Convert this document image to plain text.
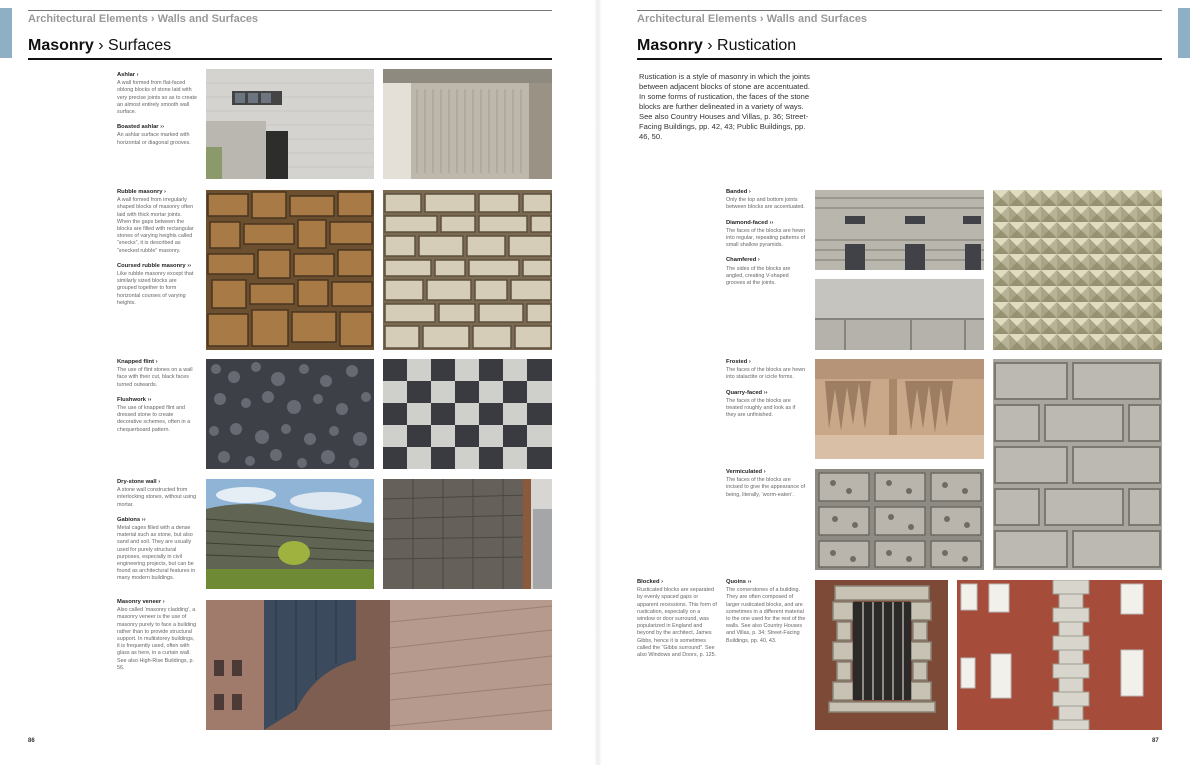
Architectural Elements › Walls and Surfaces
Masonry › Surfaces
Architectural Elements › Walls and Surfaces
Masonry › Rustication
Rustication is a style of masonry in which the joints between adjacent blocks of stone are accentuated. In some forms of rustication, the faces of the stone blocks are further delineated in a variety of ways. See also Country Houses and Villas, p. 36; Street-Facing Buildings, pp. 42, 43; Public Buildings, pp. 46, 50.
Ashlar ›
A wall formed from flat-faced oblong blocks of stone laid with very precise joints so as to create an almost entirely smooth wall surface.
Boasted ashlar ››
An ashlar surface marked with horizontal or diagonal grooves.
Rubble masonry ›
A wall formed from irregularly shaped blocks of masonry often laid with thick mortar joints. When the gaps between the blocks are filled with rectangular stones of varying heights called “snecks”, it is described as “snecked rubble” masonry.
Coursed rubble masonry ››
Like rubble masonry except that similarly sized blocks are grouped together to form horizontal courses of varying heights.
Knapped flint ›
The use of flint stones on a wall face with their cut, black faces turned outwards.
Flushwork ››
The use of knapped flint and dressed stone to create decorative schemes, often in a chequerboard pattern.
Dry-stone wall ›
A stone wall constructed from interlocking stones, without using mortar.
Gabions ››
Metal cages filled with a dense material such as stone, but also sand and soil. They are usually used for purely structural purposes, especially in civil engineering projects, but can be found as architectural features in many modern buildings.
Masonry veneer ›
Also called ‘masonry cladding’, a masonry veneer is the use of masonry purely to face a building rather than to provide structural support. In multistorey buildings, it is frequently used, often with glass as here, in a curtain wall. See also High-Rise Buildings, p. 56.
Banded ›
Only the top and bottom joints between blocks are accentuated.
Diamond-faced ››
The faces of the blocks are hewn into regular, repeating patterns of small shallow pyramids.
Chamfered ›
The sides of the blocks are angled, creating V-shaped grooves at the joints.
Frosted ›
The faces of the blocks are hewn into stalactite or icicle forms.
Quarry-faced ››
The faces of the blocks are treated roughly and look as if they are unfinished.
Vermiculated ›
The faces of the blocks are incised to give the appearance of being, literally, ‘worm-eaten’.
Blocked ›
Rusticated blocks are separated by evenly spaced gaps or apparent recessions. This form of rustication, especially on a window or door surround, was popularized in England and beyond by the architect, James Gibbs, hence it is sometimes called the “Gibbs surround”. See also Windows and Doors, p. 125.
Quoins ››
The cornerstones of a building. They are often composed of larger rusticated blocks, and are sometimes in a different material to the one used for the rest of the walls. See also Country Houses and Villas, p. 34; Street-Facing Buildings, pp. 40, 43.
86	87
